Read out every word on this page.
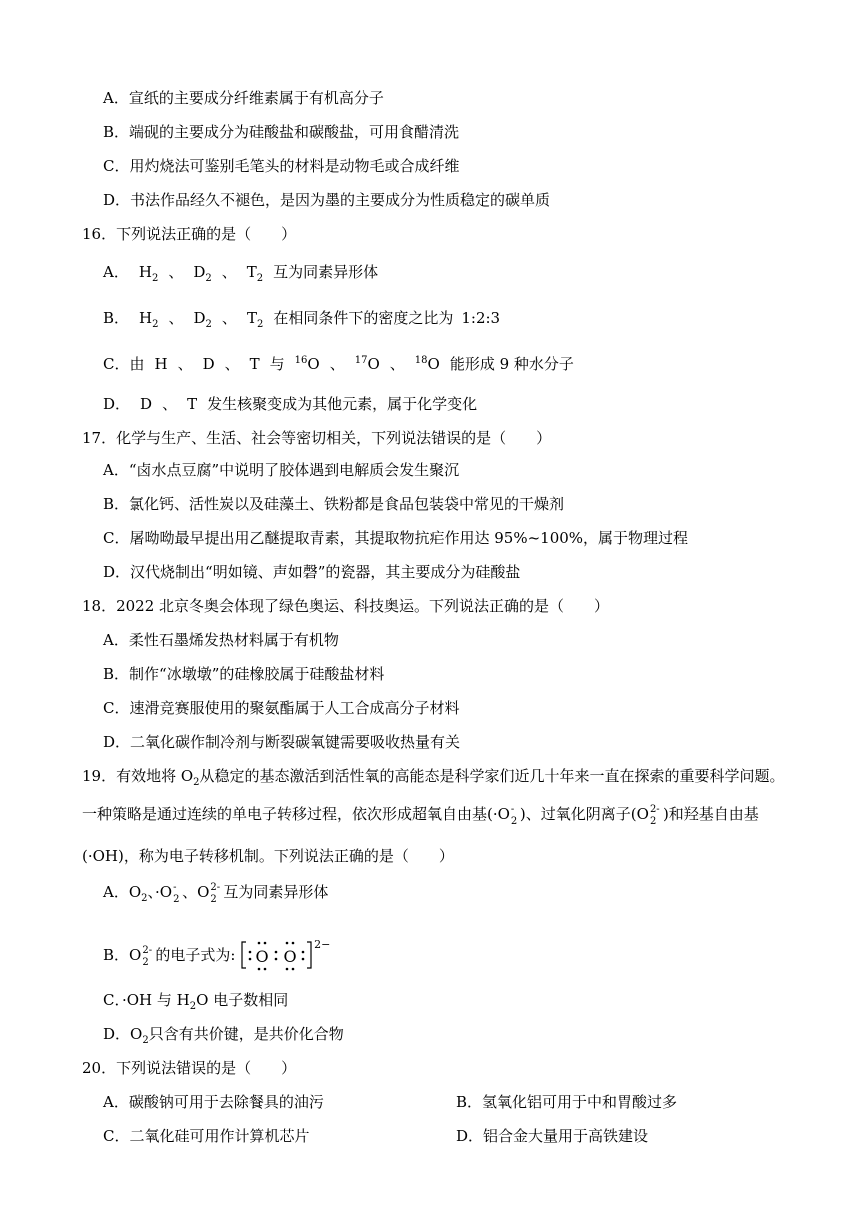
A．宣纸的主要成分纤维素属于有机高分子
B．端砚的主要成分为硅酸盐和碳酸盐，可用食醋清洗
C．用灼烧法可鉴别毛笔头的材料是动物毛或合成纤维
D．书法作品经久不褪色，是因为墨的主要成分为性质稳定的碳单质
16．下列说法正确的是（　　）
A． $H_2$ 、 $D_2$ 、 $T_2$ 互为同素异形体
B． $H_2$ 、 $D_2$ 、 $T_2$ 在相同条件下的密度之比为 1:2:3
C．由 H 、 D 、 T 与 $^{16}$O 、 $^{17}$O 、 $^{18}$O 能形成 9 种水分子
D． D 、 T 发生核聚变成为其他元素，属于化学变化
17．化学与生产、生活、社会等密切相关，下列说法错误的是（　　）
A．“卤水点豆腐”中说明了胶体遇到电解质会发生聚沉
B．氯化钙、活性炭以及硅藻土、铁粉都是食品包装袋中常见的干燥剂
C．屠呦呦最早提出用乙醚提取青素，其提取物抗疟作用达 95%~100%，属于物理过程
D．汉代烧制出“明如镜、声如磬”的瓷器，其主要成分为硅酸盐
18．2022 北京冬奥会体现了绿色奥运、科技奥运。下列说法正确的是（　　）
A．柔性石墨烯发热材料属于有机物
B．制作“冰墩墩”的硅橡胶属于硅酸盐材料
C．速滑竞赛服使用的聚氨酯属于人工合成高分子材料
D．二氧化碳作制冷剂与断裂碳氧键需要吸收热量有关
19．有效地将 $O_2$从稳定的基态激活到活性氧的高能态是科学家们近几十年来一直在探索的重要科学问题。
一种策略是通过连续的单电子转移过程，依次形成超氧自由基(·O -
2 )、过氧化阴离子(O 2-
2 )和羟基自由基
(·OH)，称为电子转移机制。下列说法正确的是（　　）
A．$O_2$、·O -
2 、O 2-
2 互为同素异形体
B．O 2-
2 的电子式为: O O
$^{2-}$
C．·OH 与 $H_2O$ 电子数相同
D．$O_2$只含有共价键，是共价化合物
20．下列说法错误的是（　　）
A．碳酸钠可用于去除餐具的油污	B．氢氧化铝可用于中和胃酸过多
C．二氧化硅可用作计算机芯片	D．铝合金大量用于高铁建设
